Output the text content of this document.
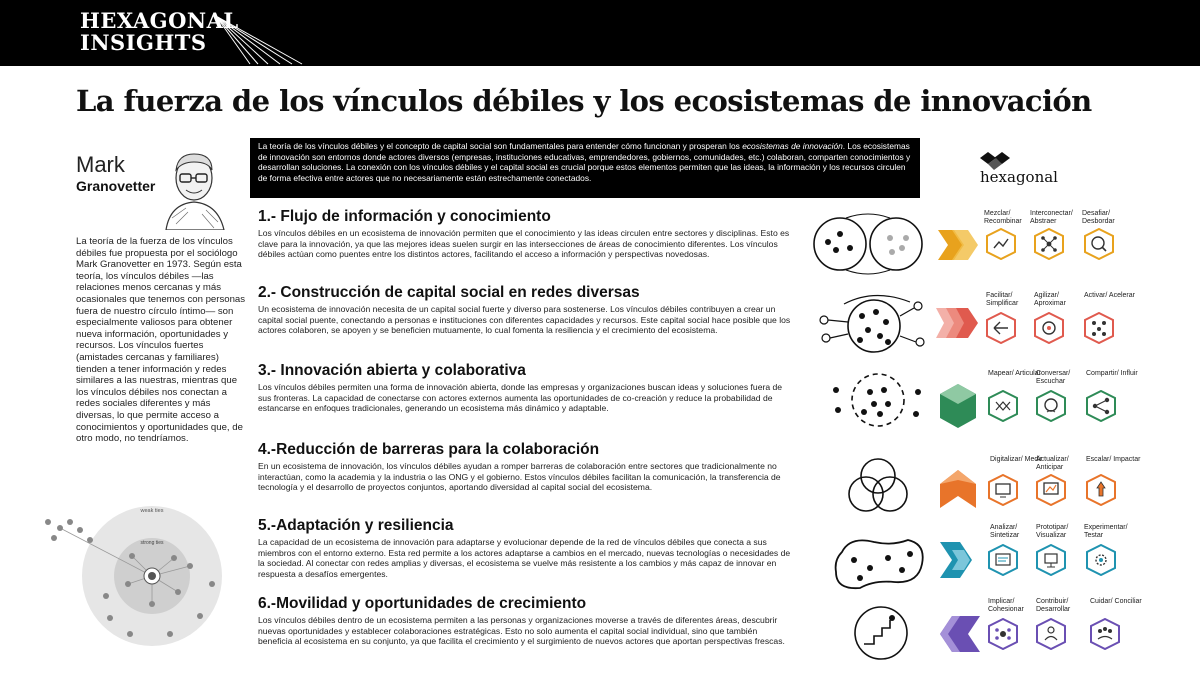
HEXAGONAL
INSIGHTS
La fuerza de los vínculos débiles y los ecosistemas de innovación
Mark
Granovetter
La teoría de la fuerza de los vínculos débiles fue propuesta por el sociólogo Mark Granovetter en 1973. Según esta teoría, los vínculos débiles —las relaciones menos cercanas y más ocasionales que tenemos con personas fuera de nuestro círculo íntimo— son especialmente valiosos para obtener nueva información, oportunidades y recursos. Los vínculos fuertes (amistades cercanas y familiares) tienden a tener información y redes similares a las nuestras, mientras que los vínculos débiles nos conectan a redes sociales diferentes y más diversas, lo que permite acceso a conocimientos y oportunidades que, de otro modo, no tendríamos.
weak ties
strong ties
La teoría de los vínculos débiles y el concepto de capital social son fundamentales para entender cómo funcionan y prosperan los ecosistemas de innovación. Los ecosistemas de innovación son entornos donde actores diversos (empresas, instituciones educativas, emprendedores, gobiernos, comunidades, etc.) colaboran, comparten conocimientos y desarrollan soluciones. La conexión con los vínculos débiles y el capital social es crucial porque estos elementos permiten que las ideas, la información y los recursos circulen de forma efectiva entre actores que no necesariamente están estrechamente conectados.
1.- Flujo de información y conocimiento
Los vínculos débiles en un ecosistema de innovación permiten que el conocimiento y las ideas circulen entre sectores y disciplinas. Esto es clave para la innovación, ya que las mejores ideas suelen surgir en las intersecciones de áreas de conocimiento diferentes. Los vínculos débiles actúan como puentes entre los distintos actores, facilitando el acceso a información y perspectivas novedosas.
2.- Construcción de capital social en redes diversas
Un ecosistema de innovación necesita de un capital social fuerte y diverso para sostenerse. Los vínculos débiles contribuyen a crear un capital social puente, conectando a personas e instituciones con diferentes capacidades y recursos. Este capital social hace posible que los actores colaboren, se apoyen y se beneficien mutuamente, lo cual fomenta la resiliencia y el crecimiento del ecosistema.
3.- Innovación abierta y colaborativa
Los vínculos débiles permiten una forma de innovación abierta, donde las empresas y organizaciones buscan ideas y soluciones fuera de sus fronteras. La capacidad de conectarse con actores externos aumenta las oportunidades de co-creación y reduce la probabilidad de estancarse en enfoques tradicionales, generando un ecosistema más dinámico y adaptable.
4.-Reducción de barreras para la colaboración
En un ecosistema de innovación, los vínculos débiles ayudan a romper barreras de colaboración entre sectores que tradicionalmente no interactúan, como la academia y la industria o las ONG y el gobierno. Estos vínculos débiles facilitan la comunicación, la transferencia de tecnología y el desarrollo de proyectos conjuntos, aportando diversidad al capital social del ecosistema.
5.-Adaptación y resiliencia
La capacidad de un ecosistema de innovación para adaptarse y evolucionar depende de la red de vínculos débiles que conecta a sus miembros con el entorno externo. Esta red permite a los actores adaptarse a cambios en el mercado, nuevas tecnologías o necesidades de la sociedad. Al conectar con redes amplias y diversas, el ecosistema se vuelve más resistente a los cambios y más capaz de innovar en respuesta a desafíos emergentes.
6.-Movilidad y oportunidades de crecimiento
Los vínculos débiles dentro de un ecosistema permiten a las personas y organizaciones moverse a través de diferentes áreas, descubrir nuevas oportunidades y establecer colaboraciones estratégicas. Esto no solo aumenta el capital social individual, sino que también beneficia al ecosistema en su conjunto, ya que facilita el crecimiento y el surgimiento de nuevos actores que aportan perspectivas frescas.
hexagonal
Mezclar/ Recombinar
Interconectar/ Abstraer
Desafiar/ Desbordar
Facilitar/ Simplificar
Agilizar/ Aproximar
Activar/ Acelerar
Mapear/ Articular
Conversar/ Escuchar
Compartir/ Influir
Digitalizar/ Medir
Actualizar/ Anticipar
Escalar/ Impactar
Analizar/ Sintetizar
Prototipar/ Visualizar
Experimentar/ Testar
Implicar/ Cohesionar
Contribuir/ Desarrollar
Cuidar/ Conciliar
